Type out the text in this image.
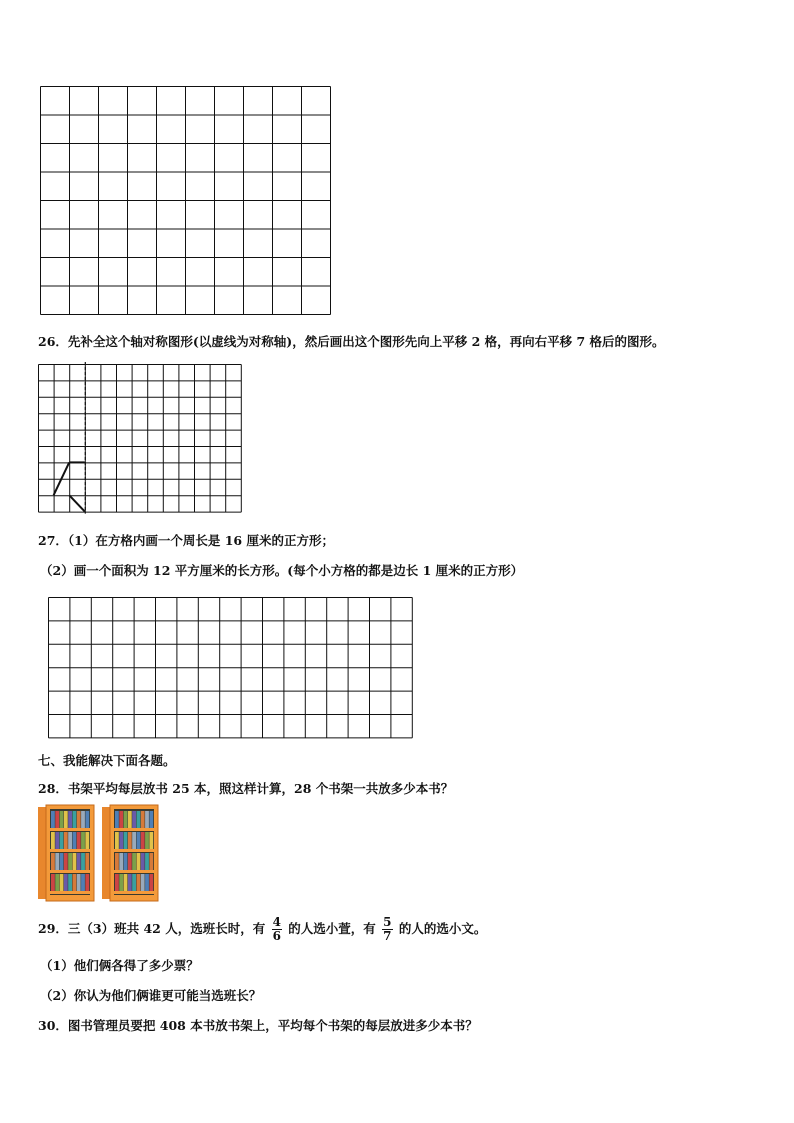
26．先补全这个轴对称图形(以虚线为对称轴)，然后画出这个图形先向上平移 2 格，再向右平移 7 格后的图形。
27．（1）在方格内画一个周长是 16 厘米的正方形；
（2）画一个面积为 12 平方厘米的长方形。(每个小方格的都是边长 1 厘米的正方形）
七、我能解决下面各题。
28．书架平均每层放书 25 本，照这样计算，28 个书架一共放多少本书？
29．三（3）班共 42 人，选班长时，有 $\frac{4}{6}$ 的人选小萱，有 $\frac{5}{7}$ 的人的选小文。
（1）他们俩各得了多少票？
（2）你认为他们俩谁更可能当选班长？
30．图书管理员要把 408 本书放书架上，平均每个书架的每层放进多少本书？
